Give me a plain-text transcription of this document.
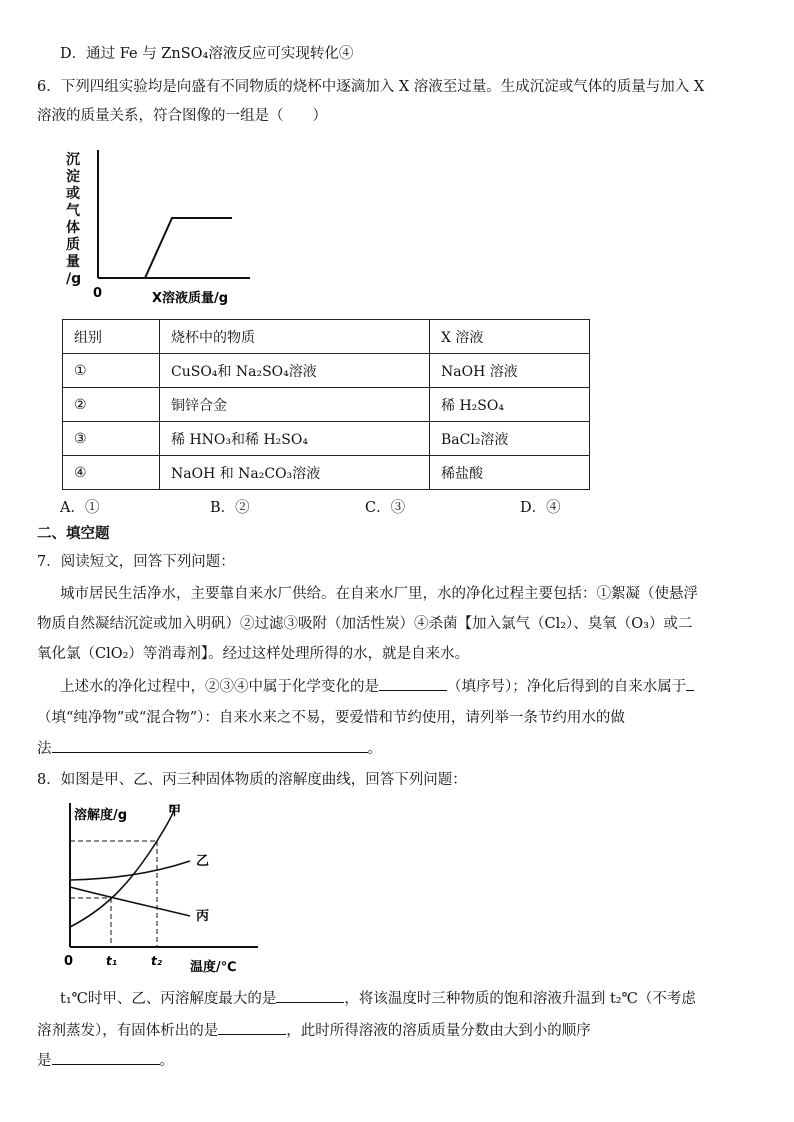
D．通过 Fe 与 ZnSO₄溶液反应可实现转化④
6．下列四组实验均是向盛有不同物质的烧杯中逐滴加入 X 溶液至过量。生成沉淀或气体的质量与加入 X
溶液的质量关系，符合图像的一组是（　　）
沉
淀
或
气
体
质
量
/g
0	X溶液质量/g
组别	烧杯中的物质	X 溶液
①	CuSO₄和 Na₂SO₄溶液	NaOH 溶液
②	铜锌合金	稀 H₂SO₄
③	稀 HNO₃和稀 H₂SO₄	BaCl₂溶液
④	NaOH 和 Na₂CO₃溶液	稀盐酸
A．①	B．②	C．③	D．④
二、填空题
7．阅读短文，回答下列问题：
城市居民生活净水，主要靠自来水厂供给。在自来水厂里，水的净化过程主要包括：①絮凝（使悬浮
物质自然凝结沉淀或加入明矾）②过滤③吸附（加活性炭）④杀菌【加入氯气（Cl₂）、臭氧（O₃）或二
氧化氯（ClO₂）等消毒剂】。经过这样处理所得的水，就是自来水。
上述水的净化过程中，②③④中属于化学变化的是	（填序号）；净化后得到的自来水属于
（填“纯净物”或“混合物”）：自来水来之不易，要爱惜和节约使用，请列举一条节约用水的做
法	。
8．如图是甲、乙、丙三种固体物质的溶解度曲线，回答下列问题：
溶解度/g	甲
乙
丙
0	t₁	t₂ 温度/℃
t₁℃时甲、乙、丙溶解度最大的是	，将该温度时三种物质的饱和溶液升温到 t₂℃（不考虑
溶剂蒸发），有固体析出的是	，此时所得溶液的溶质质量分数由大到小的顺序
是	。
